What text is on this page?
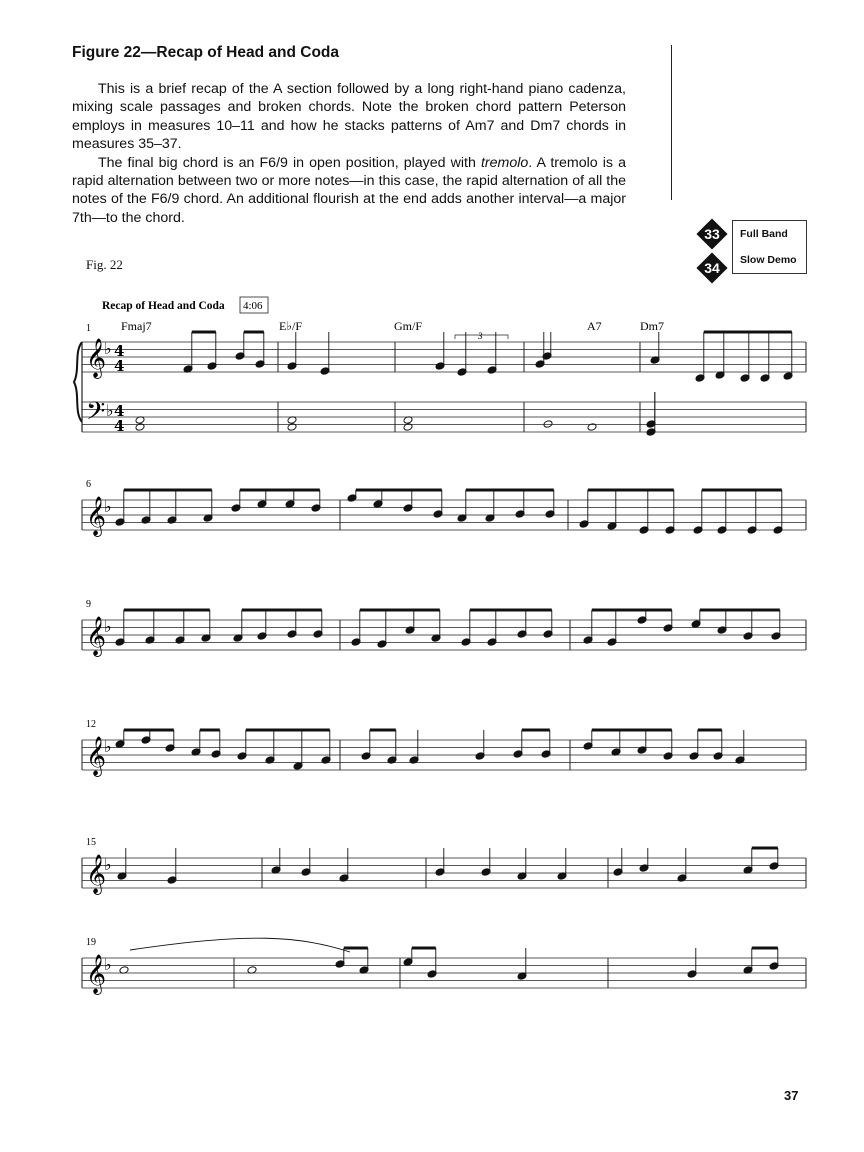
Figure 22—Recap of Head and Coda

This is a brief recap of the A section followed by a long right-hand piano cadenza, mixing scale passages and broken chords. Note the broken chord pattern Peterson employs in measures 10–11 and how he stacks patterns of Am7 and Dm7 chords in measures 35–37.

The final big chord is an F6/9 in open position, played with tremolo. A tremolo is a rapid alternation between two or more notes—in this case, the rapid alternation of all the notes of the F6/9 chord. An additional flourish at the end adds another interval—a major 7th—to the chord.

33	Full Band
34	Slow Demo
Fig. 22
Recap of Head and Coda 4:06
Fmaj7	E♭/F	Gm/F	A7	Dm7
3
1
6
9
12
15
19
𝄞
♭
𝄢 ♭
4
4
4
4
𝄞
♭
𝄞
♭
𝄞
♭
𝄞
♭
𝄞
♭
37
